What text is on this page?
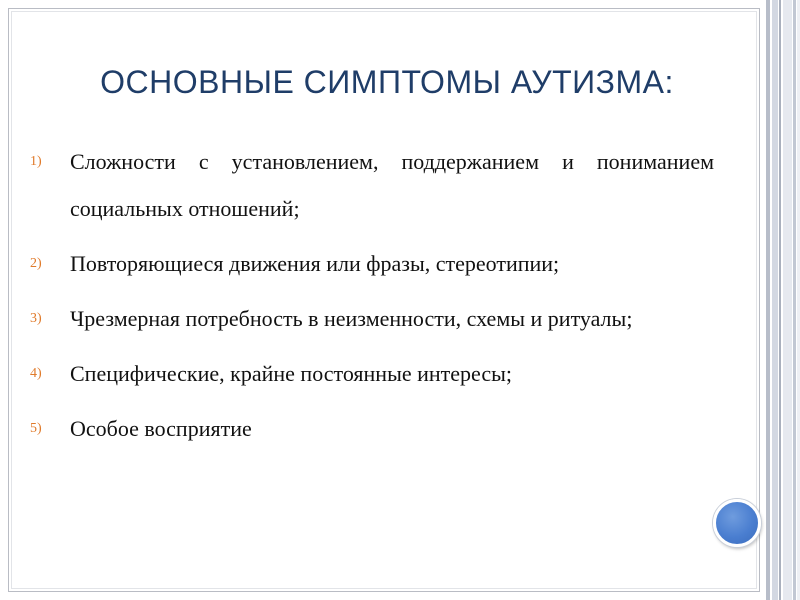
ОСНОВНЫЕ СИМПТОМЫ АУТИЗМА:
1) Сложности с установлением, поддержанием и пониманием социальных отношений;
2) Повторяющиеся движения или фразы, стереотипии;
3) Чрезмерная потребность в неизменности, схемы и ритуалы;
4) Специфические, крайне постоянные интересы;
5) Особое восприятие
